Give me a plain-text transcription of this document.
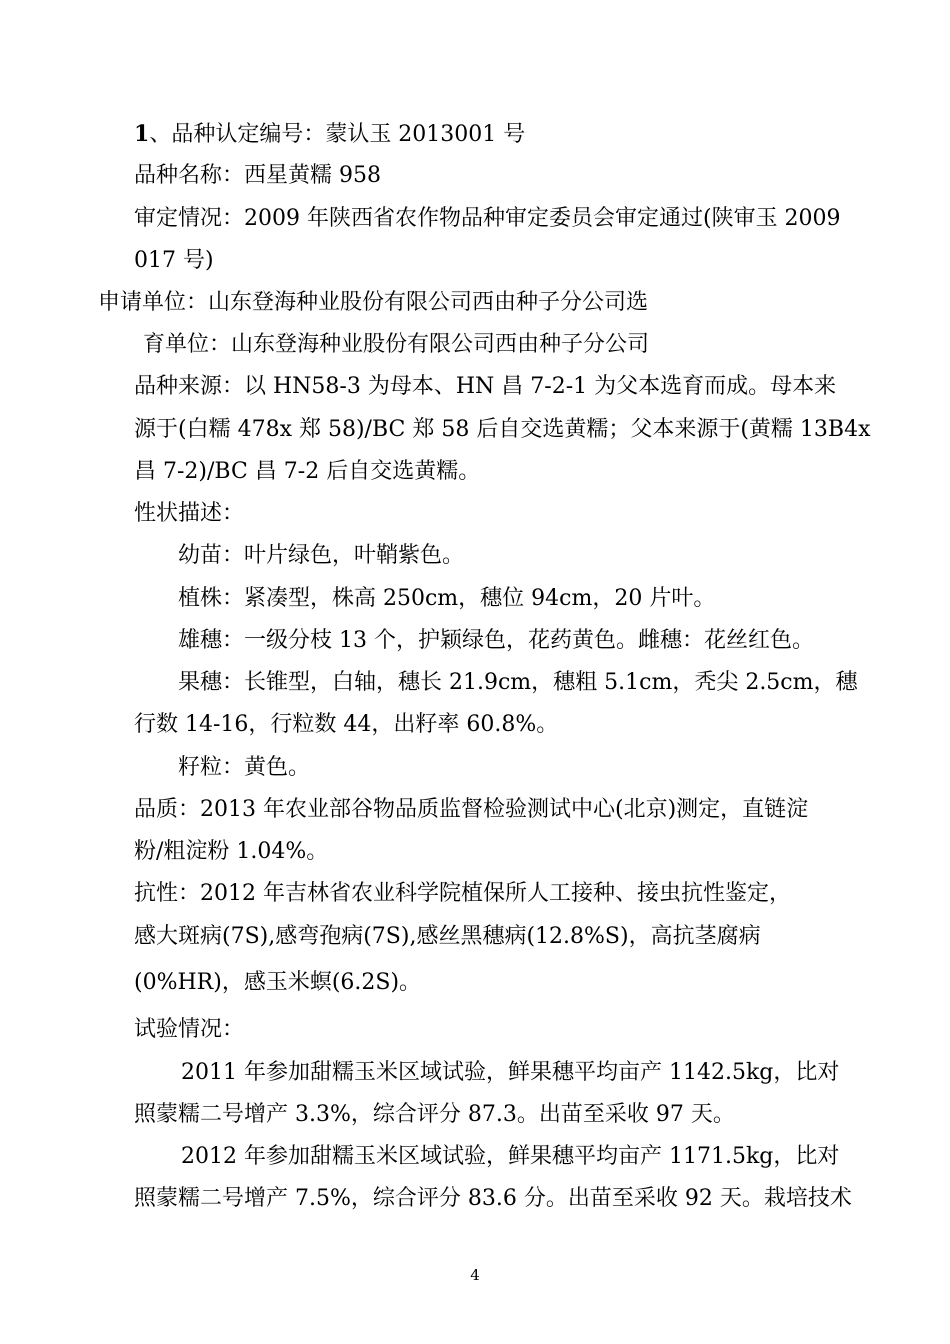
1、品种认定编号：蒙认玉 2013001 号
品种名称：西星黄糯 958
审定情况：2009 年陕西省农作物品种审定委员会审定通过(陕审玉 2009
017 号)
申请单位：山东登海种业股份有限公司西由种子分公司选
育单位：山东登海种业股份有限公司西由种子分公司
品种来源：以 HN58-3 为母本、HN 昌 7-2-1 为父本选育而成。母本来
源于(白糯 478x 郑 58)/BC 郑 58 后自交选黄糯；父本来源于(黄糯 13B4x
昌 7-2)/BC 昌 7-2 后自交选黄糯。
性状描述：
幼苗：叶片绿色，叶鞘紫色。
植株：紧凑型，株高 250cm，穗位 94cm，20 片叶。
雄穗：一级分枝 13 个，护颖绿色，花药黄色。雌穗：花丝红色。
果穗：长锥型，白轴，穗长 21.9cm，穗粗 5.1cm，秃尖 2.5cm，穗
行数 14-16，行粒数 44，出籽率 60.8%。
籽粒：黄色。
品质：2013 年农业部谷物品质监督检验测试中心(北京)测定，直链淀
粉/粗淀粉 1.04%。
抗性：2012 年吉林省农业科学院植保所人工接种、接虫抗性鉴定，
感大斑病(7S),感弯孢病(7S),感丝黑穗病(12.8%S)，高抗茎腐病
(0%HR)，感玉米螟(6.2S)。
试验情况：
2011 年参加甜糯玉米区域试验，鲜果穗平均亩产 1142.5kg，比对
照蒙糯二号增产 3.3%，综合评分 87.3。出苗至采收 97 天。
2012 年参加甜糯玉米区域试验，鲜果穗平均亩产 1171.5kg，比对
照蒙糯二号增产 7.5%，综合评分 83.6 分。出苗至采收 92 天。栽培技术
4
